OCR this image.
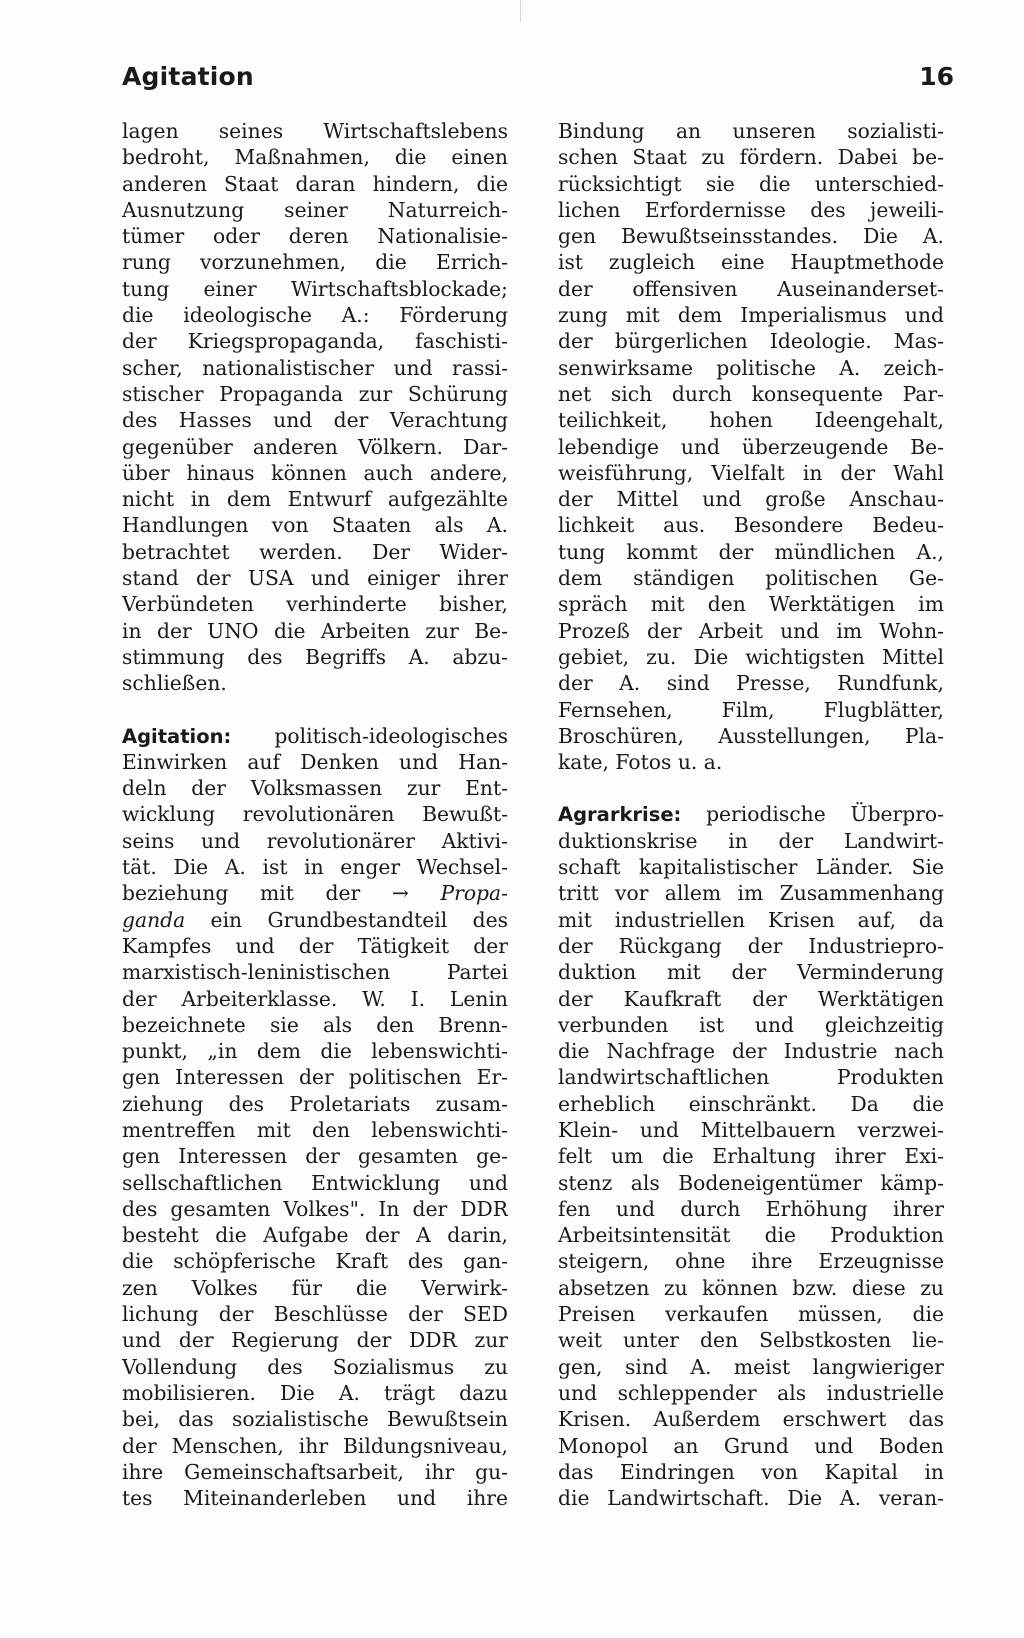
Agitation	16
lagen seines Wirtschaftslebens
bedroht, Maßnahmen, die einen
anderen Staat daran hindern, die
Ausnutzung seiner Naturreich-
tümer oder deren Nationalisie-
rung vorzunehmen, die Errich-
tung einer Wirtschaftsblockade;
die ideologische A.: Förderung
der Kriegspropaganda, faschisti-
scher, nationalistischer und rassi-
stischer Propaganda zur Schürung
des Hasses und der Verachtung
gegenüber anderen Völkern. Dar-
über hinaus können auch andere,
nicht in dem Entwurf aufgezählte
Handlungen von Staaten als A.
betrachtet werden. Der Wider-
stand der USA und einiger ihrer
Verbündeten verhinderte bisher,
in der UNO die Arbeiten zur Be-
stimmung des Begriffs A. abzu-
schließen.
Agitation: politisch-ideologisches
Einwirken auf Denken und Han-
deln der Volksmassen zur Ent-
wicklung revolutionären Bewußt-
seins und revolutionärer Aktivi-
tät. Die A. ist in enger Wechsel-
beziehung mit der → Propa-
ganda ein Grundbestandteil des
Kampfes und der Tätigkeit der
marxistisch-leninistischen Partei
der Arbeiterklasse. W. I. Lenin
bezeichnete sie als den Brenn-
punkt, „in dem die lebenswichti-
gen Interessen der politischen Er-
ziehung des Proletariats zusam-
mentreffen mit den lebenswichti-
gen Interessen der gesamten ge-
sellschaftlichen Entwicklung und
des gesamten Volkes". In der DDR
besteht die Aufgabe der A darin,
die schöpferische Kraft des gan-
zen Volkes für die Verwirk-
lichung der Beschlüsse der SED
und der Regierung der DDR zur
Vollendung des Sozialismus zu
mobilisieren. Die A. trägt dazu
bei, das sozialistische Bewußtsein
der Menschen, ihr Bildungsniveau,
ihre Gemeinschaftsarbeit, ihr gu-
tes Miteinanderleben und ihre
Bindung an unseren sozialisti-
schen Staat zu fördern. Dabei be-
rücksichtigt sie die unterschied-
lichen Erfordernisse des jeweili-
gen Bewußtseinsstandes. Die A.
ist zugleich eine Hauptmethode
der offensiven Auseinanderset-
zung mit dem Imperialismus und
der bürgerlichen Ideologie. Mas-
senwirksame politische A. zeich-
net sich durch konsequente Par-
teilichkeit, hohen Ideengehalt,
lebendige und überzeugende Be-
weisführung, Vielfalt in der Wahl
der Mittel und große Anschau-
lichkeit aus. Besondere Bedeu-
tung kommt der mündlichen A.,
dem ständigen politischen Ge-
spräch mit den Werktätigen im
Prozeß der Arbeit und im Wohn-
gebiet, zu. Die wichtigsten Mittel
der A. sind Presse, Rundfunk,
Fernsehen, Film, Flugblätter,
Broschüren, Ausstellungen, Pla-
kate, Fotos u. a.
Agrarkrise: periodische Überpro-
duktionskrise in der Landwirt-
schaft kapitalistischer Länder. Sie
tritt vor allem im Zusammenhang
mit industriellen Krisen auf, da
der Rückgang der Industriepro-
duktion mit der Verminderung
der Kaufkraft der Werktätigen
verbunden ist und gleichzeitig
die Nachfrage der Industrie nach
landwirtschaftlichen Produkten
erheblich einschränkt. Da die
Klein- und Mittelbauern verzwei-
felt um die Erhaltung ihrer Exi-
stenz als Bodeneigentümer kämp-
fen und durch Erhöhung ihrer
Arbeitsintensität die Produktion
steigern, ohne ihre Erzeugnisse
absetzen zu können bzw. diese zu
Preisen verkaufen müssen, die
weit unter den Selbstkosten lie-
gen, sind A. meist langwieriger
und schleppender als industrielle
Krisen. Außerdem erschwert das
Monopol an Grund und Boden
das Eindringen von Kapital in
die Landwirtschaft. Die A. veran-
